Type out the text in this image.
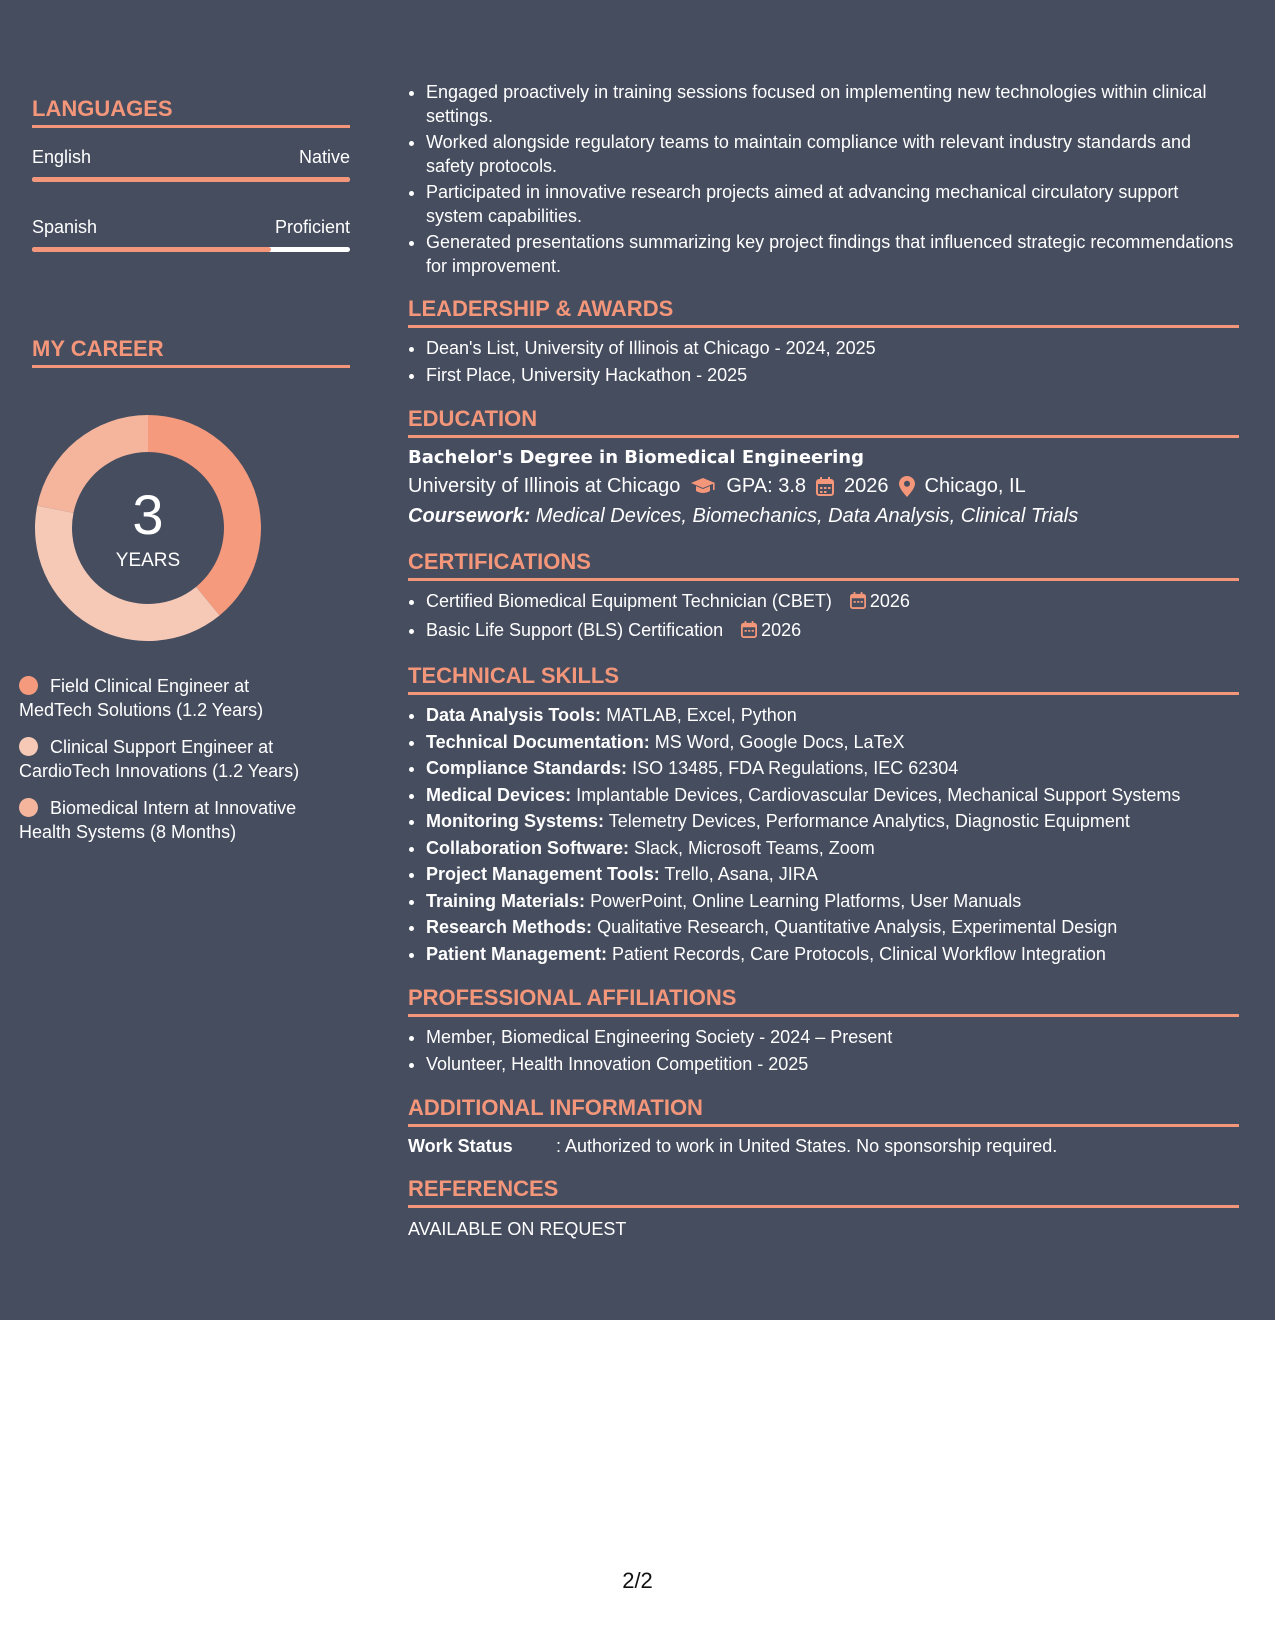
LANGUAGES
English	Native
Spanish	Proficient
MY CAREER
3
YEARS
Field Clinical Engineer at MedTech Solutions (1.2 Years)
Clinical Support Engineer at CardioTech Innovations (1.2 Years)
Biomedical Intern at Innovative Health Systems (8 Months)
• Engaged proactively in training sessions focused on implementing new technologies within clinical settings.
• Worked alongside regulatory teams to maintain compliance with relevant industry standards and safety protocols.
• Participated in innovative research projects aimed at advancing mechanical circulatory support system capabilities.
• Generated presentations summarizing key project findings that influenced strategic recommendations for improvement.
LEADERSHIP & AWARDS
• Dean's List, University of Illinois at Chicago - 2024, 2025
• First Place, University Hackathon - 2025
EDUCATION
Bachelor's Degree in Biomedical Engineering
University of Illinois at Chicago GPA: 3.8 2026 Chicago, IL
Coursework: Medical Devices, Biomechanics, Data Analysis, Clinical Trials
CERTIFICATIONS
• Certified Biomedical Equipment Technician (CBET) 2026
• Basic Life Support (BLS) Certification 2026
TECHNICAL SKILLS
• Data Analysis Tools: MATLAB, Excel, Python
• Technical Documentation: MS Word, Google Docs, LaTeX
• Compliance Standards: ISO 13485, FDA Regulations, IEC 62304
• Medical Devices: Implantable Devices, Cardiovascular Devices, Mechanical Support Systems
• Monitoring Systems: Telemetry Devices, Performance Analytics, Diagnostic Equipment
• Collaboration Software: Slack, Microsoft Teams, Zoom
• Project Management Tools: Trello, Asana, JIRA
• Training Materials: PowerPoint, Online Learning Platforms, User Manuals
• Research Methods: Qualitative Research, Quantitative Analysis, Experimental Design
• Patient Management: Patient Records, Care Protocols, Clinical Workflow Integration
PROFESSIONAL AFFILIATIONS
• Member, Biomedical Engineering Society - 2024 – Present
• Volunteer, Health Innovation Competition - 2025
ADDITIONAL INFORMATION
Work Status	: Authorized to work in United States. No sponsorship required.
REFERENCES
AVAILABLE ON REQUEST
2/2
